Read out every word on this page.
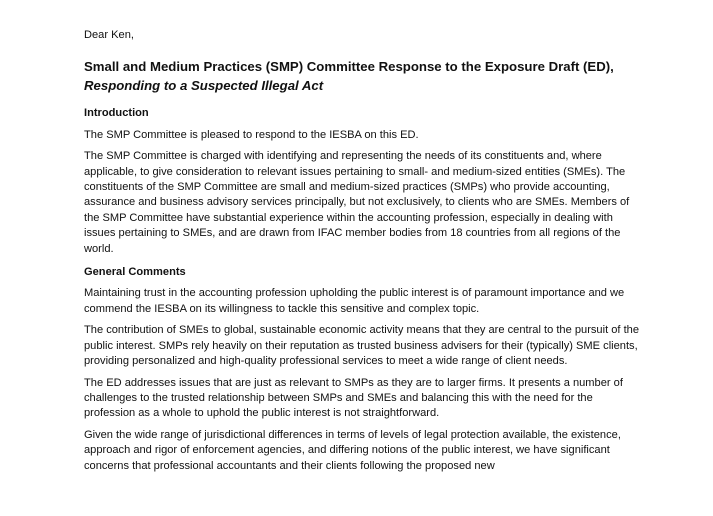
Dear Ken,

Small and Medium Practices (SMP) Committee Response to the Exposure Draft (ED), Responding to a Suspected Illegal Act

Introduction

The SMP Committee is pleased to respond to the IESBA on this ED.

The SMP Committee is charged with identifying and representing the needs of its constituents and, where applicable, to give consideration to relevant issues pertaining to small- and medium-sized entities (SMEs). The constituents of the SMP Committee are small and medium-sized practices (SMPs) who provide accounting, assurance and business advisory services principally, but not exclusively, to clients who are SMEs. Members of the SMP Committee have substantial experience within the accounting profession, especially in dealing with issues pertaining to SMEs, and are drawn from IFAC member bodies from 18 countries from all regions of the world.

General Comments

Maintaining trust in the accounting profession upholding the public interest is of paramount importance and we commend the IESBA on its willingness to tackle this sensitive and complex topic.

The contribution of SMEs to global, sustainable economic activity means that they are central to the pursuit of the public interest. SMPs rely heavily on their reputation as trusted business advisers for their (typically) SME clients, providing personalized and high-quality professional services to meet a wide range of client needs.

The ED addresses issues that are just as relevant to SMPs as they are to larger firms. It presents a number of challenges to the trusted relationship between SMPs and SMEs and balancing this with the need for the profession as a whole to uphold the public interest is not straightforward.

Given the wide range of jurisdictional differences in terms of levels of legal protection available, the existence, approach and rigor of enforcement agencies, and differing notions of the public interest, we have significant concerns that professional accountants and their clients following the proposed new
